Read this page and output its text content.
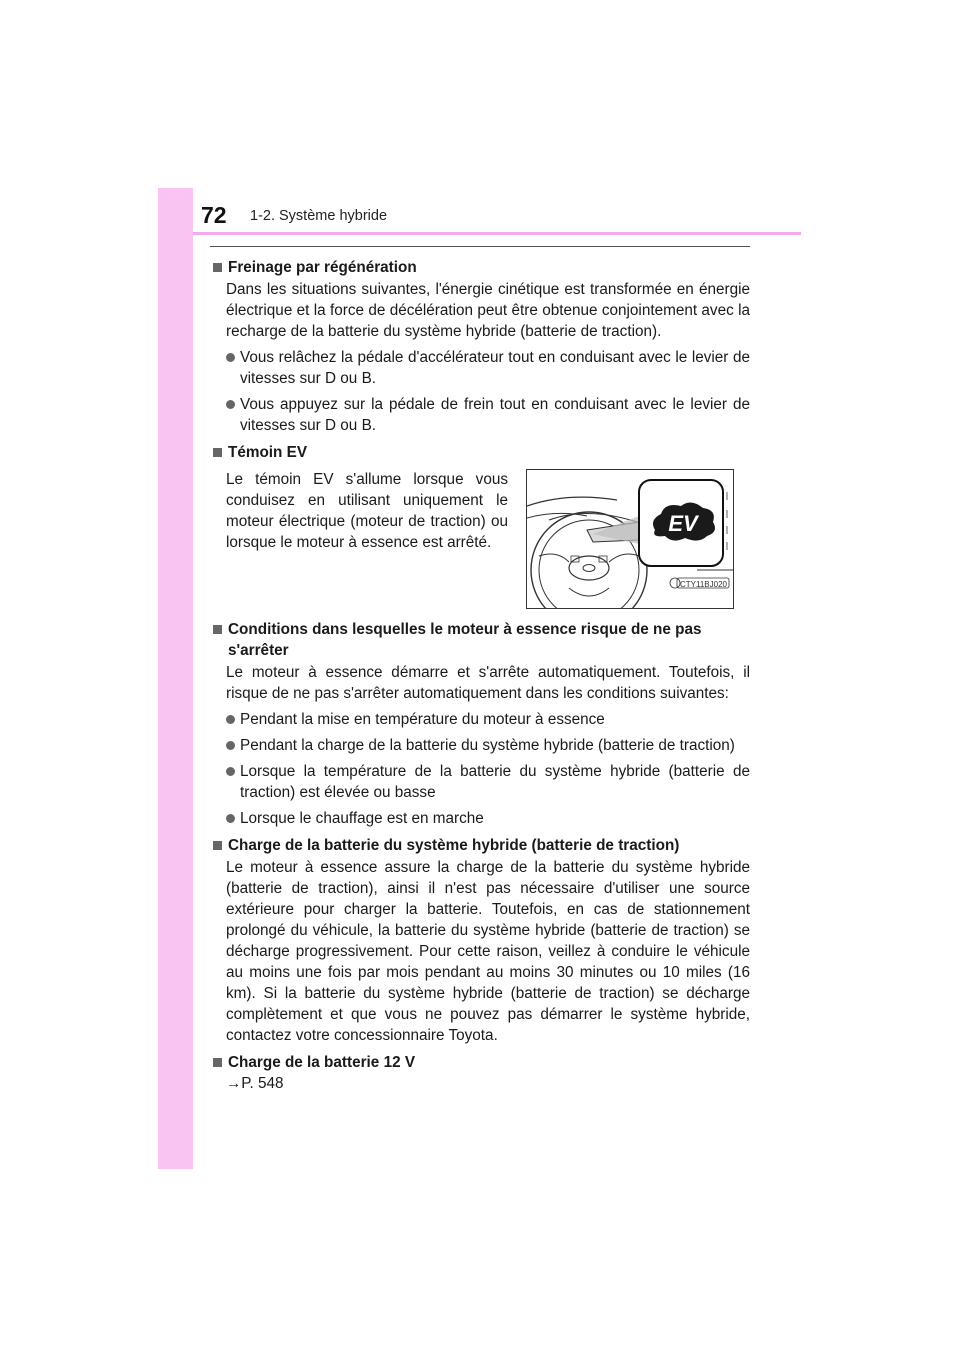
72 1-2. Système hybride
Freinage par régénération
Dans les situations suivantes, l'énergie cinétique est transformée en énergie électrique et la force de décélération peut être obtenue conjointement avec la recharge de la batterie du système hybride (batterie de traction).
Vous relâchez la pédale d'accélérateur tout en conduisant avec le levier de vitesses sur D ou B.
Vous appuyez sur la pédale de frein tout en conduisant avec le levier de vitesses sur D ou B.
Témoin EV
Le témoin EV s'allume lorsque vous conduisez en utilisant uniquement le moteur électrique (moteur de traction) ou lorsque le moteur à essence est arrêté.
EV
CTY11BJ020
Conditions dans lesquelles le moteur à essence risque de ne pas s'arrêter
Le moteur à essence démarre et s'arrête automatiquement. Toutefois, il risque de ne pas s'arrêter automatiquement dans les conditions suivantes:
Pendant la mise en température du moteur à essence
Pendant la charge de la batterie du système hybride (batterie de traction)
Lorsque la température de la batterie du système hybride (batterie de traction) est élevée ou basse
Lorsque le chauffage est en marche
Charge de la batterie du système hybride (batterie de traction)
Le moteur à essence assure la charge de la batterie du système hybride (batterie de traction), ainsi il n'est pas nécessaire d'utiliser une source extérieure pour charger la batterie. Toutefois, en cas de stationnement prolongé du véhicule, la batterie du système hybride (batterie de traction) se décharge progressivement. Pour cette raison, veillez à conduire le véhicule au moins une fois par mois pendant au moins 30 minutes ou 10 miles (16 km). Si la batterie du système hybride (batterie de traction) se décharge complètement et que vous ne pouvez pas démarrer le système hybride, contactez votre concessionnaire Toyota.
Charge de la batterie 12 V
→P. 548
